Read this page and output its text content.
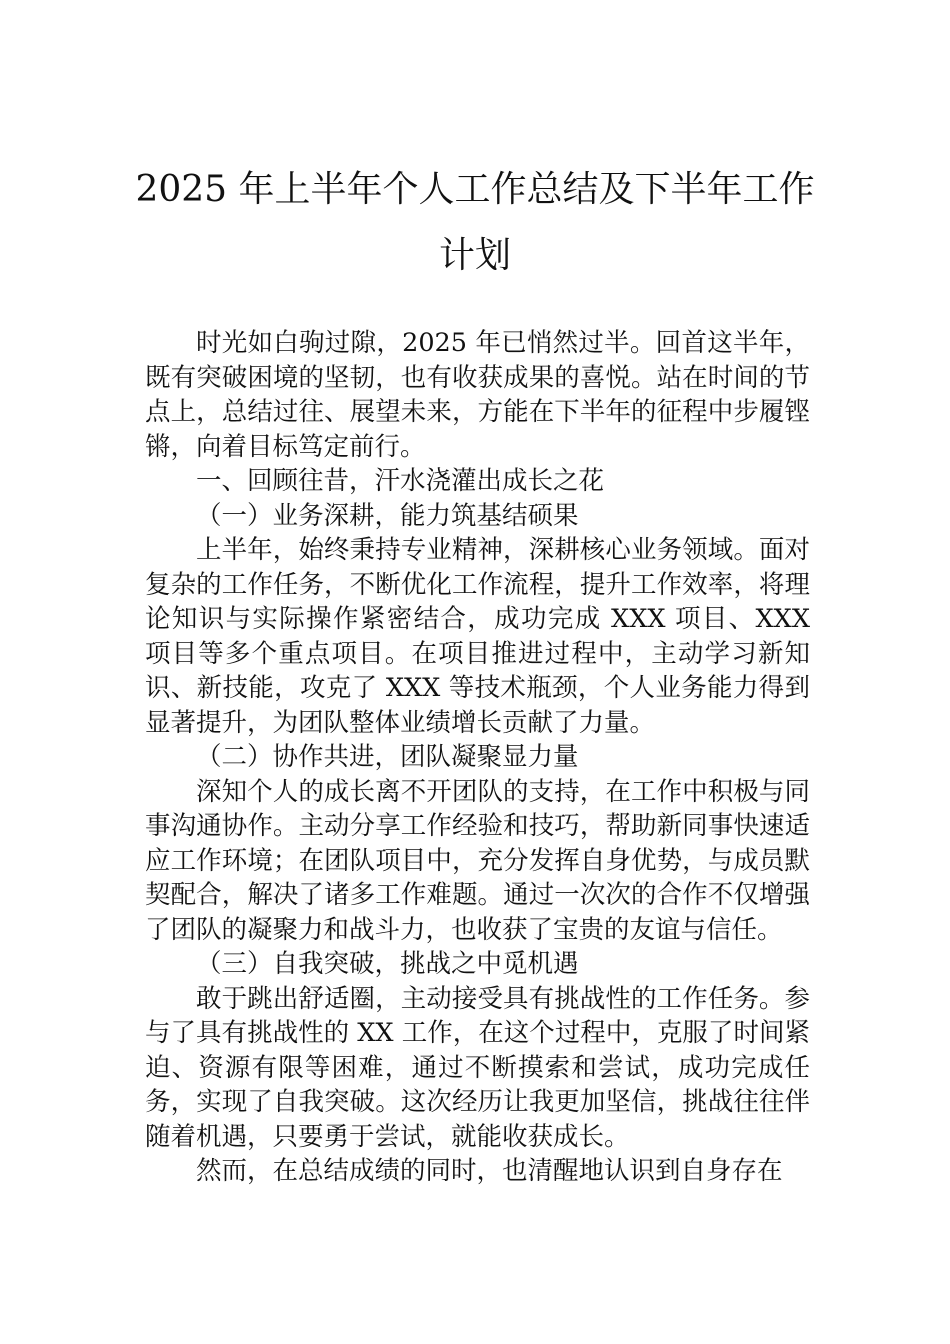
2025 年上半年个人工作总结及下半年工作
计划

时光如白驹过隙，2025 年已悄然过半。回首这半年，既有突破困境的坚韧，也有收获成果的喜悦。站在时间的节点上，总结过往、展望未来，方能在下半年的征程中步履铿锵，向着目标笃定前行。

一、回顾往昔，汗水浇灌出成长之花

（一）业务深耕，能力筑基结硕果

上半年，始终秉持专业精神，深耕核心业务领域。面对复杂的工作任务，不断优化工作流程，提升工作效率，将理论知识与实际操作紧密结合，成功完成 XXX 项目、XXX 项目等多个重点项目。在项目推进过程中，主动学习新知识、新技能，攻克了 XXX 等技术瓶颈，个人业务能力得到显著提升，为团队整体业绩增长贡献了力量。

（二）协作共进，团队凝聚显力量

深知个人的成长离不开团队的支持，在工作中积极与同事沟通协作。主动分享工作经验和技巧，帮助新同事快速适应工作环境；在团队项目中，充分发挥自身优势，与成员默契配合，解决了诸多工作难题。通过一次次的合作不仅增强了团队的凝聚力和战斗力，也收获了宝贵的友谊与信任。

（三）自我突破，挑战之中觅机遇

敢于跳出舒适圈，主动接受具有挑战性的工作任务。参与了具有挑战性的 XX 工作，在这个过程中，克服了时间紧迫、资源有限等困难，通过不断摸索和尝试，成功完成任务，实现了自我突破。这次经历让我更加坚信，挑战往往伴随着机遇，只要勇于尝试，就能收获成长。

然而，在总结成绩的同时，也清醒地认识到自身存在
